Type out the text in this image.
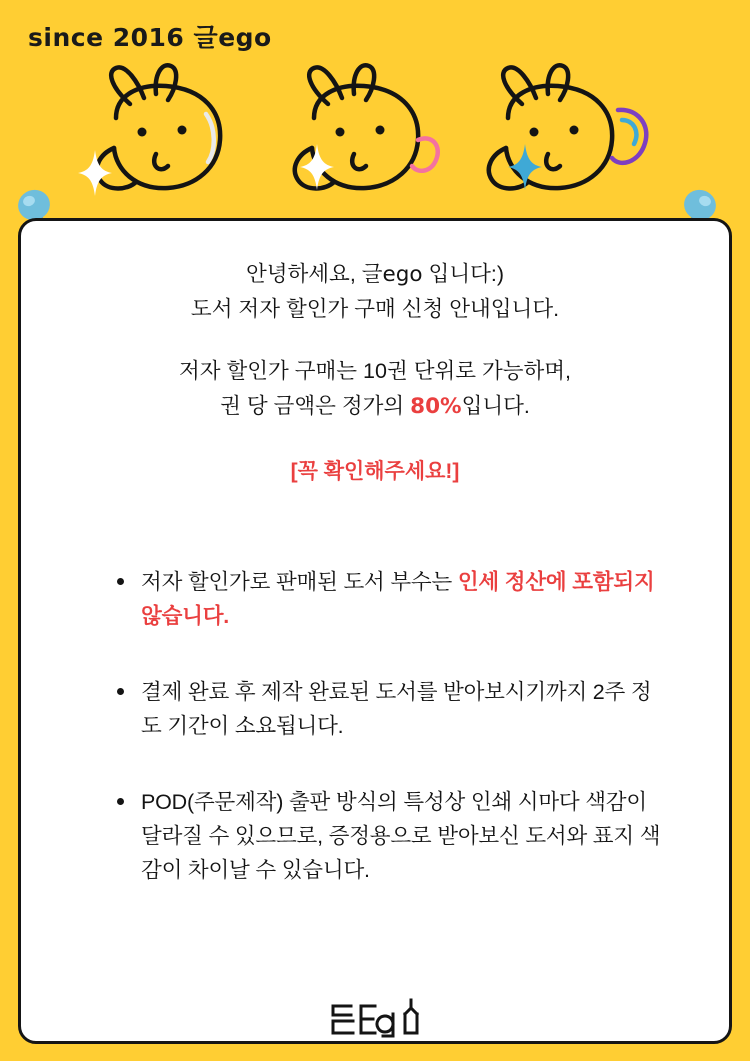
since 2016 글ego
안녕하세요, 글ego 입니다:)
도서 저자 할인가 구매 신청 안내입니다.
저자 할인가 구매는 10권 단위로 가능하며,
권 당 금액은 정가의 80%입니다.
[꼭 확인해주세요!]
저자 할인가로 판매된 도서 부수는 인세 정산에 포함되지 않습니다.
결제 완료 후 제작 완료된 도서를 받아보시기까지 2주 정도 기간이 소요됩니다.
POD(주문제작) 출판 방식의 특성상 인쇄 시마다 색감이 달라질 수 있으므로, 증정용으로 받아보신 도서와 표지 색감이 차이날 수 있습니다.
